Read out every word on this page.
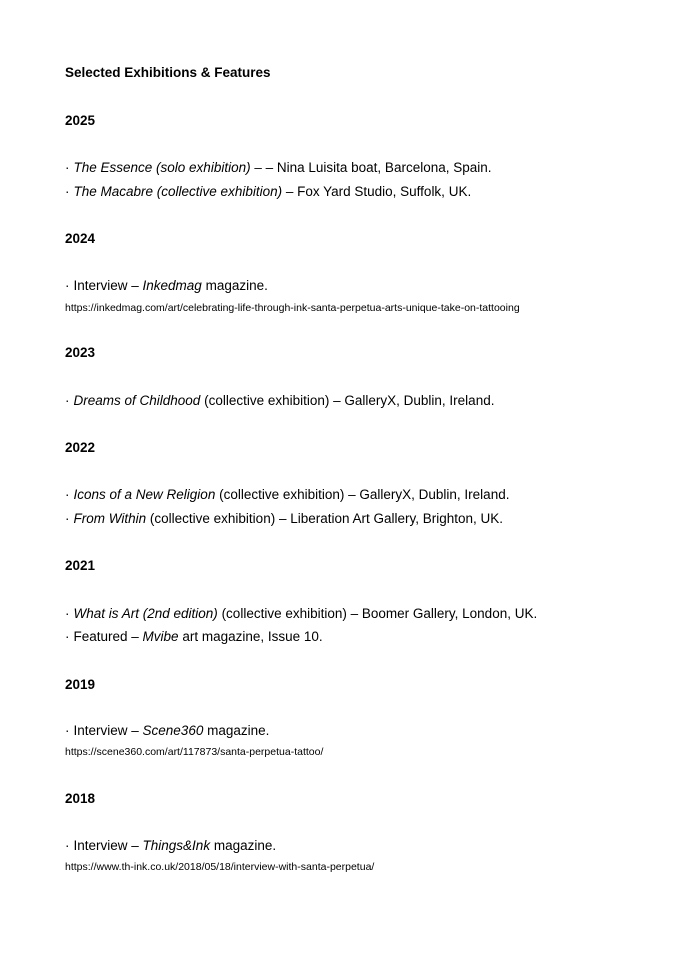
Selected Exhibitions & Features
2025
· The Essence (solo exhibition) – – Nina Luisita boat, Barcelona, Spain.
· The Macabre (collective exhibition) – Fox Yard Studio, Suffolk, UK.
2024
· Interview – Inkedmag magazine.
https://inkedmag.com/art/celebrating-life-through-ink-santa-perpetua-arts-unique-take-on-tattooing
2023
· Dreams of Childhood (collective exhibition) – GalleryX, Dublin, Ireland.
2022
· Icons of a New Religion (collective exhibition) – GalleryX, Dublin, Ireland.
· From Within (collective exhibition) – Liberation Art Gallery, Brighton, UK.
2021
· What is Art (2nd edition) (collective exhibition) – Boomer Gallery, London, UK.
· Featured – Mvibe art magazine, Issue 10.
2019
· Interview – Scene360 magazine.
https://scene360.com/art/117873/santa-perpetua-tattoo/
2018
· Interview – Things&Ink magazine.
https://www.th-ink.co.uk/2018/05/18/interview-with-santa-perpetua/
